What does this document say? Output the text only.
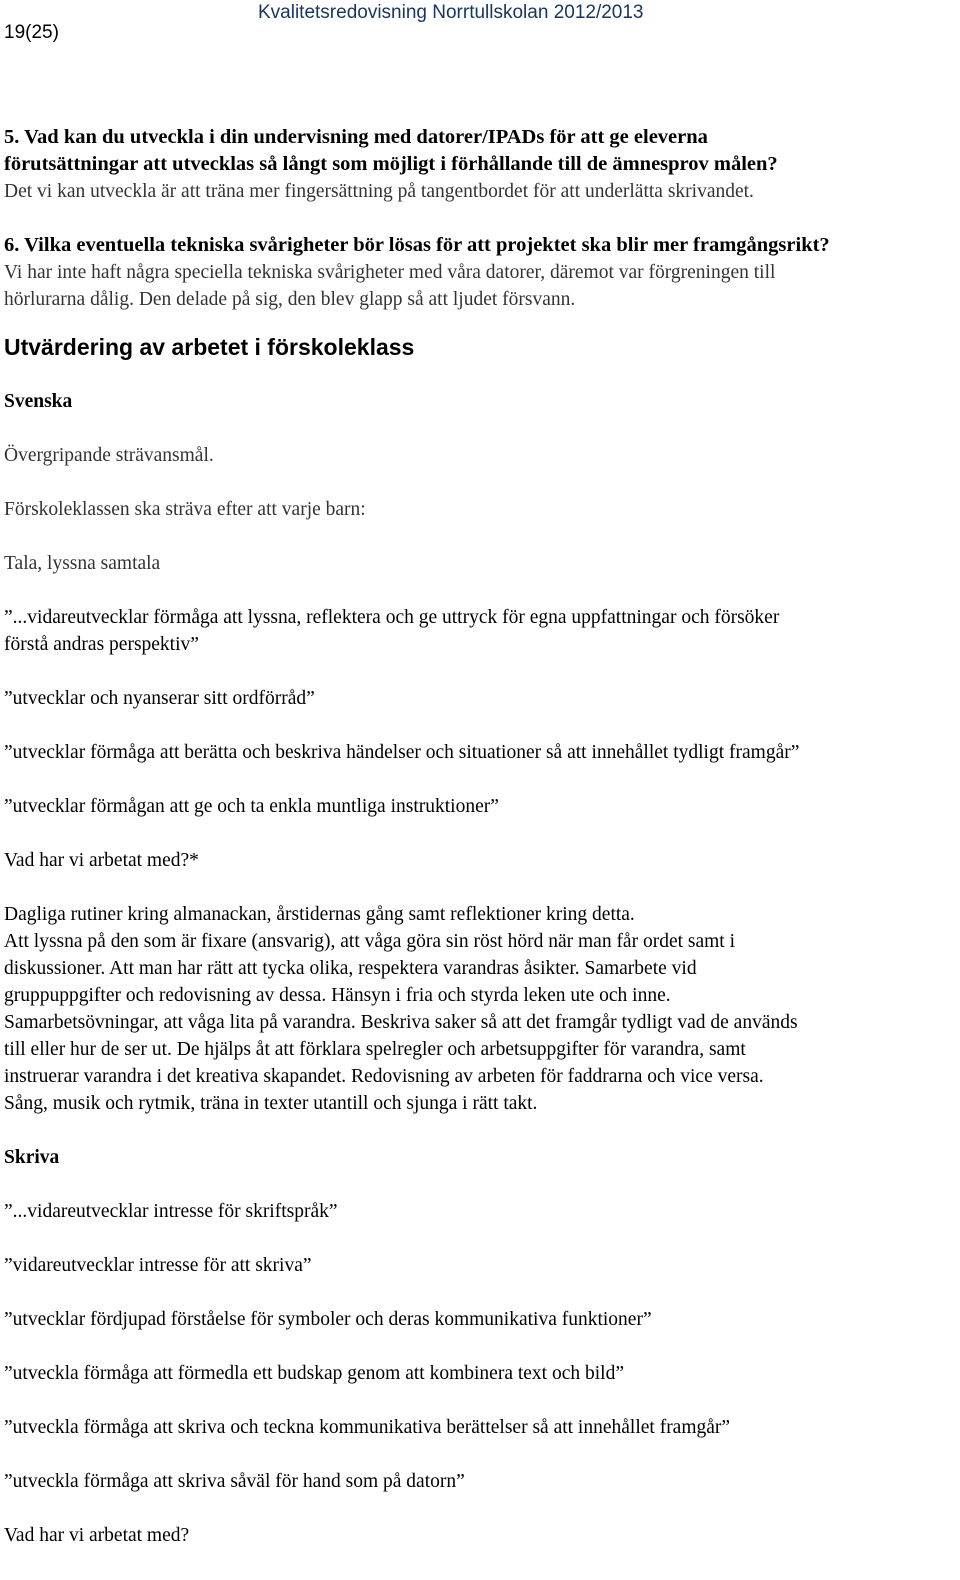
19(25)
Kvalitetsredovisning Norrtullskolan 2012/2013

5. Vad kan du utveckla i din undervisning med datorer/IPADs för att ge eleverna

förutsättningar att utvecklas så långt som möjligt i förhållande till de ämnesprov målen?

Det vi kan utveckla är att träna mer fingersättning på tangentbordet för att underlätta skrivandet.

6. Vilka eventuella tekniska svårigheter bör lösas för att projektet ska blir mer framgångsrikt?

Vi har inte haft några speciella tekniska svårigheter med våra datorer, däremot var förgreningen till

hörlurarna dålig. Den delade på sig, den blev glapp så att ljudet försvann.

Utvärdering av arbetet i förskoleklass

Svenska

Övergripande strävansmål.

Förskoleklassen ska sträva efter att varje barn:

Tala, lyssna samtala

”...vidareutvecklar förmåga att lyssna, reflektera och ge uttryck för egna uppfattningar och försöker

förstå andras perspektiv”

”utvecklar och nyanserar sitt ordförråd”

”utvecklar förmåga att berätta och beskriva händelser och situationer så att innehållet tydligt framgår”

”utvecklar förmågan att ge och ta enkla muntliga instruktioner”

Vad har vi arbetat med?*

Dagliga rutiner kring almanackan, årstidernas gång samt reflektioner kring detta.

Att lyssna på den som är fixare (ansvarig), att våga göra sin röst hörd när man får ordet samt i

diskussioner. Att man har rätt att tycka olika, respektera varandras åsikter. Samarbete vid

gruppuppgifter och redovisning av dessa. Hänsyn i fria och styrda leken ute och inne.

Samarbetsövningar, att våga lita på varandra. Beskriva saker så att det framgår tydligt vad de används

till eller hur de ser ut. De hjälps åt att förklara spelregler och arbetsuppgifter för varandra, samt

instruerar varandra i det kreativa skapandet. Redovisning av arbeten för faddrarna och vice versa.

Sång, musik och rytmik, träna in texter utantill och sjunga i rätt takt.

Skriva

”...vidareutvecklar intresse för skriftspråk”

”vidareutvecklar intresse för att skriva”

”utvecklar fördjupad förståelse för symboler och deras kommunikativa funktioner”

”utveckla förmåga att förmedla ett budskap genom att kombinera text och bild”

”utveckla förmåga att skriva och teckna kommunikativa berättelser så att innehållet framgår”

”utveckla förmåga att skriva såväl för hand som på datorn”

Vad har vi arbetat med?
